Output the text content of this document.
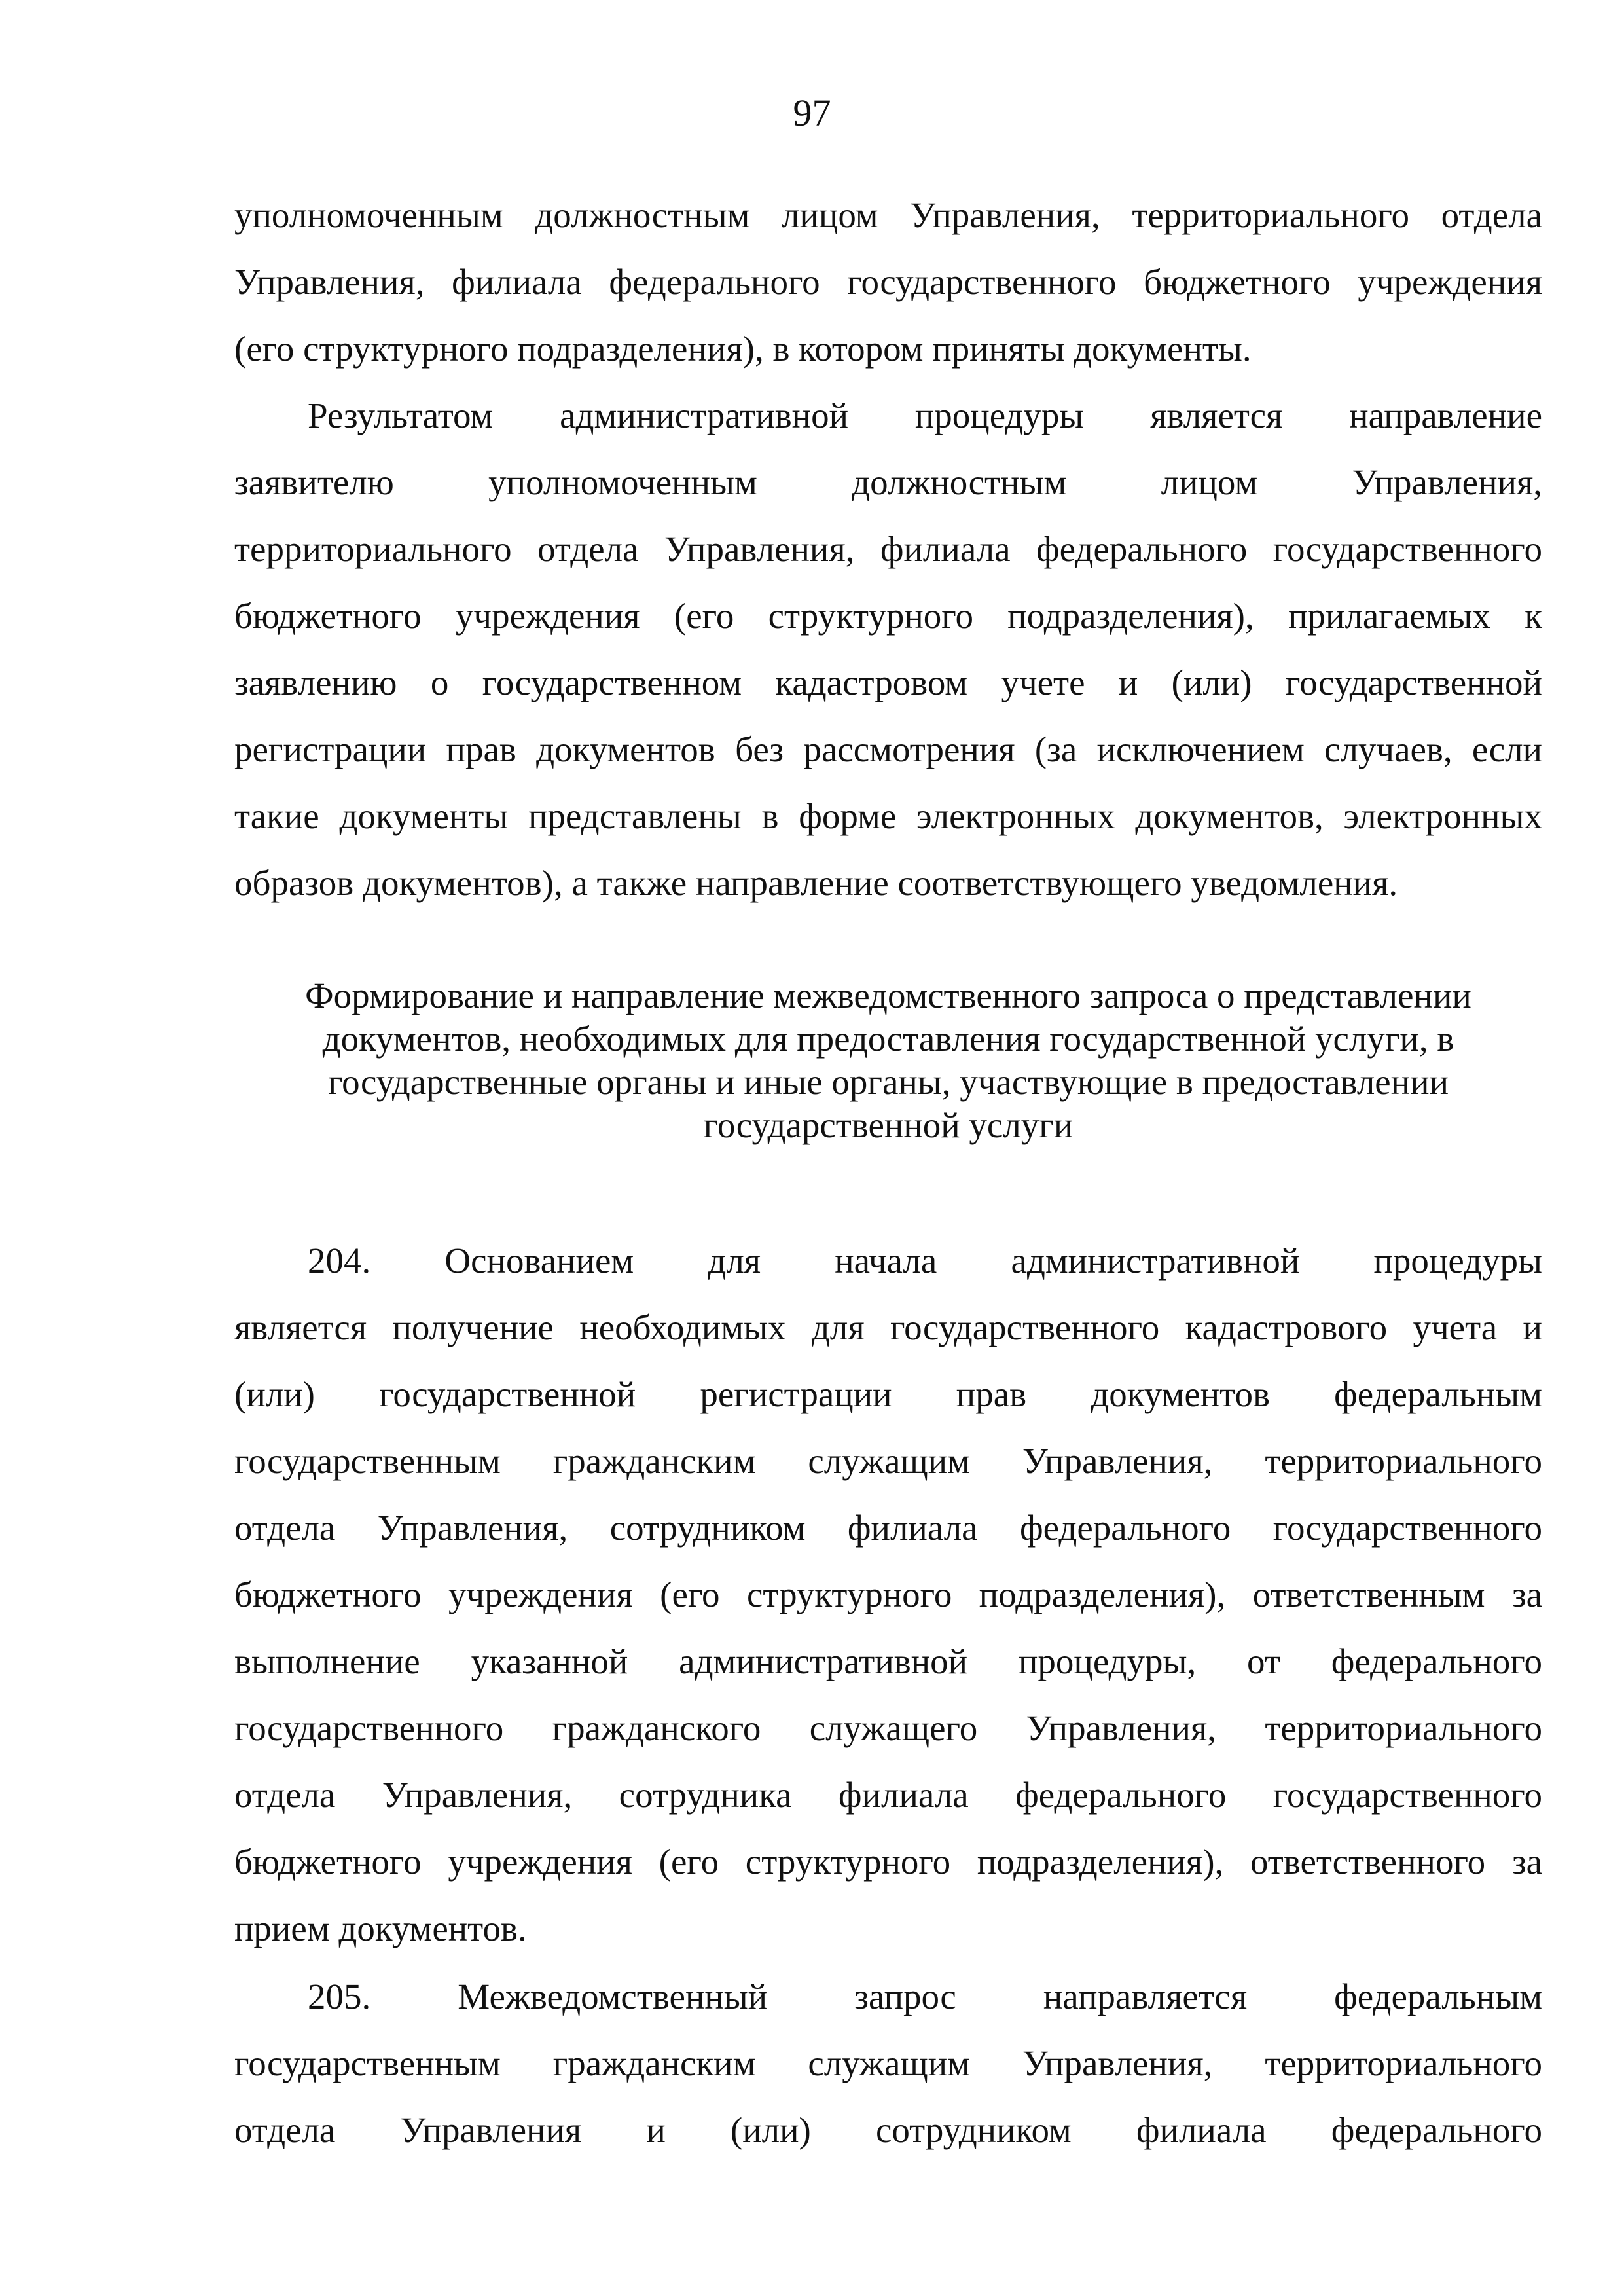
97
уполномоченным должностным лицом Управления, территориального отдела
Управления, филиала федерального государственного бюджетного учреждения
(его структурного подразделения), в котором приняты документы.
Результатом административной процедуры является направление
заявителю уполномоченным должностным лицом Управления,
территориального отдела Управления, филиала федерального государственного
бюджетного учреждения (его структурного подразделения), прилагаемых к
заявлению о государственном кадастровом учете и (или) государственной
регистрации прав документов без рассмотрения (за исключением случаев, если
такие документы представлены в форме электронных документов, электронных
образов документов), а также направление соответствующего уведомления.
Формирование и направление межведомственного запроса о представлении
документов, необходимых для предоставления государственной услуги, в
государственные органы и иные органы, участвующие в предоставлении
государственной услуги
204. Основанием для начала административной процедуры
является получение необходимых для государственного кадастрового учета и
(или) государственной регистрации прав документов федеральным
государственным гражданским служащим Управления, территориального
отдела Управления, сотрудником филиала федерального государственного
бюджетного учреждения (его структурного подразделения), ответственным за
выполнение указанной административной процедуры, от федерального
государственного гражданского служащего Управления, территориального
отдела Управления, сотрудника филиала федерального государственного
бюджетного учреждения (его структурного подразделения), ответственного за
прием документов.
205. Межведомственный запрос направляется федеральным
государственным гражданским служащим Управления, территориального
отдела Управления и (или) сотрудником филиала федерального
